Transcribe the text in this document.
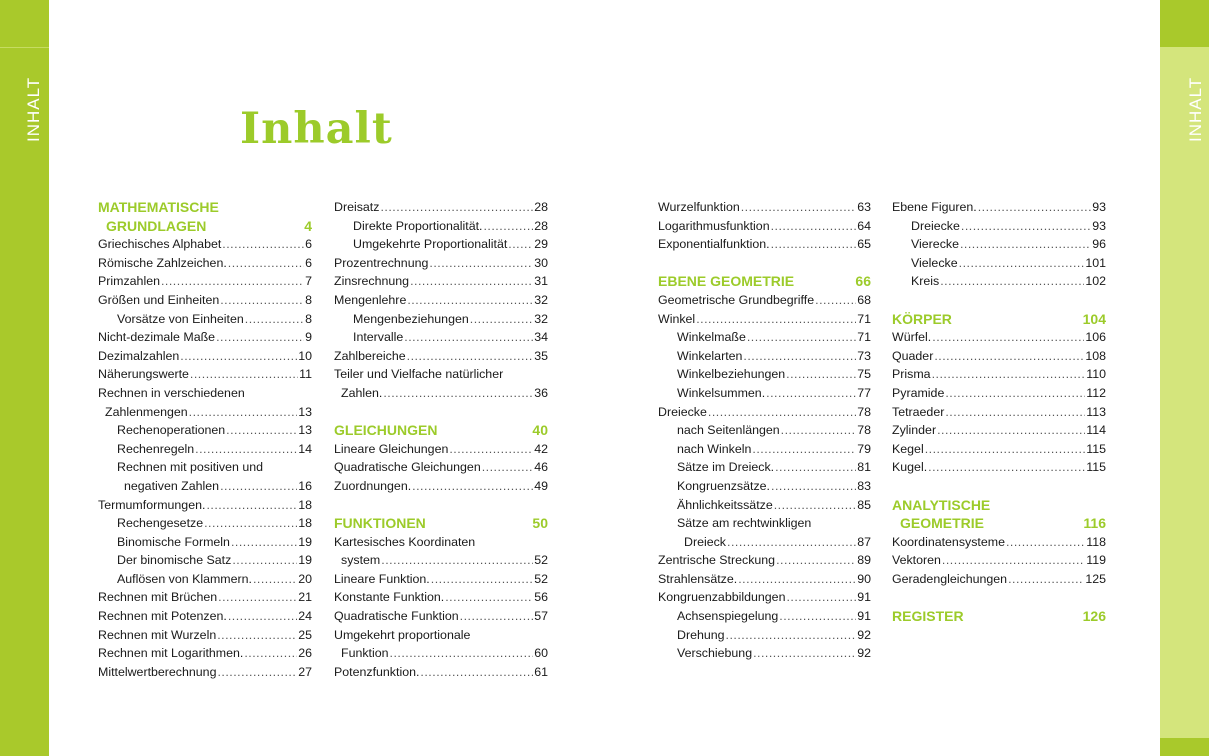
INHALT	INHALT
Inhalt
MATHEMATISCHE
GRUNDLAGEN	4
Griechisches Alphabet .....	6
Römische Zahlzeichen. .....	6
Primzahlen .....	7
Größen und Einheiten .....	8
Vorsätze von Einheiten .....	8
Nicht-dezimale Maße .....	9
Dezimalzahlen .....	10
Näherungswerte .....	11
Rechnen in verschiedenen
Zahlenmengen .....	13
Rechenoperationen .....	13
Rechenregeln .....	14
Rechnen mit positiven und
negativen Zahlen .....	16
Termumformungen. .....	18
Rechengesetze .....	18
Binomische Formeln .....	19
Der binomische Satz .....	19
Auflösen von Klammern. .....	20
Rechnen mit Brüchen .....	21
Rechnen mit Potenzen. .....	24
Rechnen mit Wurzeln .....	25
Rechnen mit Logarithmen. .....	26
Mittelwertberechnung .....	27
Dreisatz .....	28
Direkte Proportionalität. .....	28
Umgekehrte Proportionalität ..... 29
Prozentrechnung .....	30
Zinsrechnung .....	31
Mengenlehre .....	32
Mengenbeziehungen .....	32
Intervalle .....	34
Zahlbereiche .....	35
Teiler und Vielfache natürlicher
Zahlen. .....	36
GLEICHUNGEN	40
Lineare Gleichungen .....	42
Quadratische Gleichungen .....	46
Zuordnungen. .....	49
FUNKTIONEN	50
Kartesisches Koordinaten
system .....	52
Lineare Funktion. .....	52
Konstante Funktion. .....	56
Quadratische Funktion .....	57
Umgekehrt proportionale
Funktion .....	60
Potenzfunktion. .....	61
Wurzelfunktion .....	63
Logarithmusfunktion .....	64
Exponentialfunktion. .....	65
EBENE GEOMETRIE	66
Geometrische Grundbegriffe .....	68
Winkel .....	71
Winkelmaße .....	71
Winkelarten .....	73
Winkelbeziehungen .....	75
Winkelsummen. .....	77
Dreiecke .....	78
nach Seitenlängen .....	78
nach Winkeln .....	79
Sätze im Dreieck. .....	81
Kongruenzsätze. .....	83
Ähnlichkeitssätze .....	85
Sätze am rechtwinkligen
Dreieck .....	87
Zentrische Streckung .....	89
Strahlensätze. .....	90
Kongruenzabbildungen .....	91
Achsenspiegelung .....	91
Drehung .....	92
Verschiebung .....	92
Ebene Figuren. .....	93
Dreiecke .....	93
Vierecke .....	96
Vielecke .....	101
Kreis .....	102
KÖRPER	104
Würfel. .....	106
Quader .....	108
Prisma .....	110
Pyramide .....	112
Tetraeder .....	113
Zylinder .....	114
Kegel .....	115
Kugel. .....	115
ANALYTISCHE
GEOMETRIE	116
Koordinatensysteme .....	118
Vektoren .....	119
Geradengleichungen .....	125
REGISTER	126
